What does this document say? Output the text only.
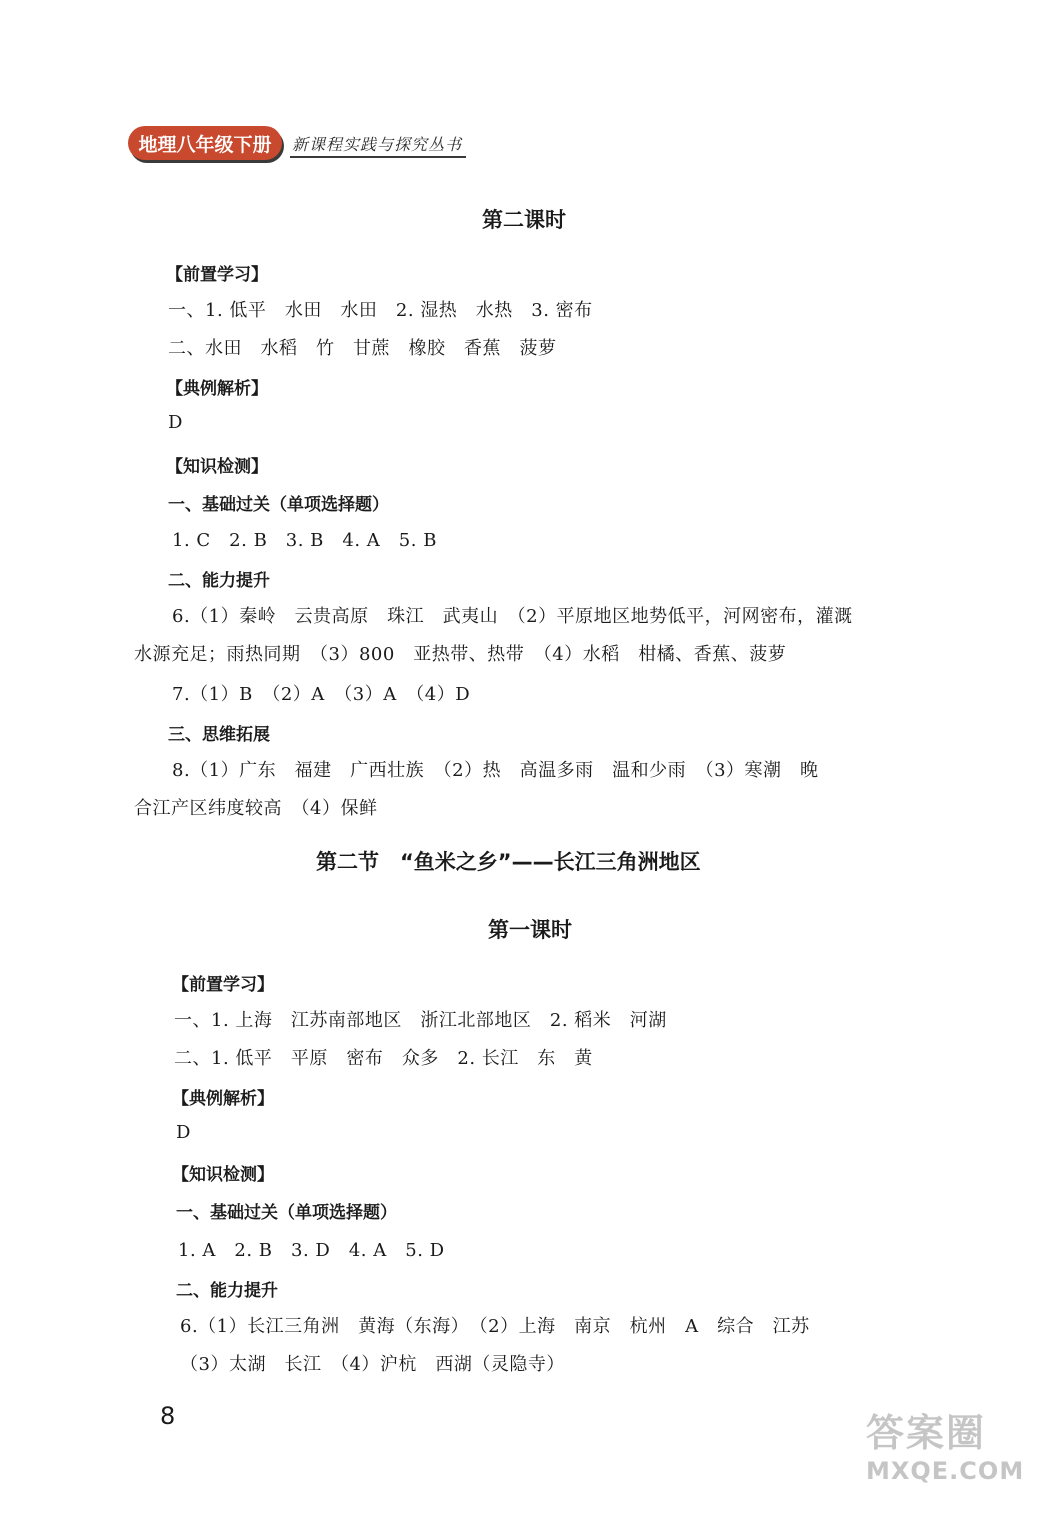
地理八年级下册 新课程实践与探究丛书
第二课时
【前置学习】
一、1. 低平　水田　水田　2. 湿热　水热　3. 密布
二、水田　水稻　竹　甘蔗　橡胶　香蕉　菠萝
【典例解析】
D
【知识检测】
一、基础过关（单项选择题）
1. C　2. B　3. B　4. A　5. B
二、能力提升
6.（1）秦岭　云贵高原　珠江　武夷山　（2）平原地区地势低平，河网密布，灌溉
水源充足；雨热同期　（3）800　亚热带、热带　（4）水稻　柑橘、香蕉、菠萝
7.（1）B　（2）A　（3）A　（4）D
三、思维拓展
8.（1）广东　福建　广西壮族　（2）热　高温多雨　温和少雨　（3）寒潮　晚
合江产区纬度较高　（4）保鲜
第二节　“鱼米之乡”——长江三角洲地区
第一课时
【前置学习】
一、1. 上海　江苏南部地区　浙江北部地区　2. 稻米　河湖
二、1. 低平　平原　密布　众多　2. 长江　东　黄
【典例解析】
D
【知识检测】
一、基础过关（单项选择题）
1. A　2. B　3. D　4. A　5. D
二、能力提升
6.（1）长江三角洲　黄海（东海）　（2）上海　南京　杭州　A　综合　江苏
（3）太湖　长江　（4）沪杭　西湖（灵隐寺）
8	答案圈
MXQE.COM
